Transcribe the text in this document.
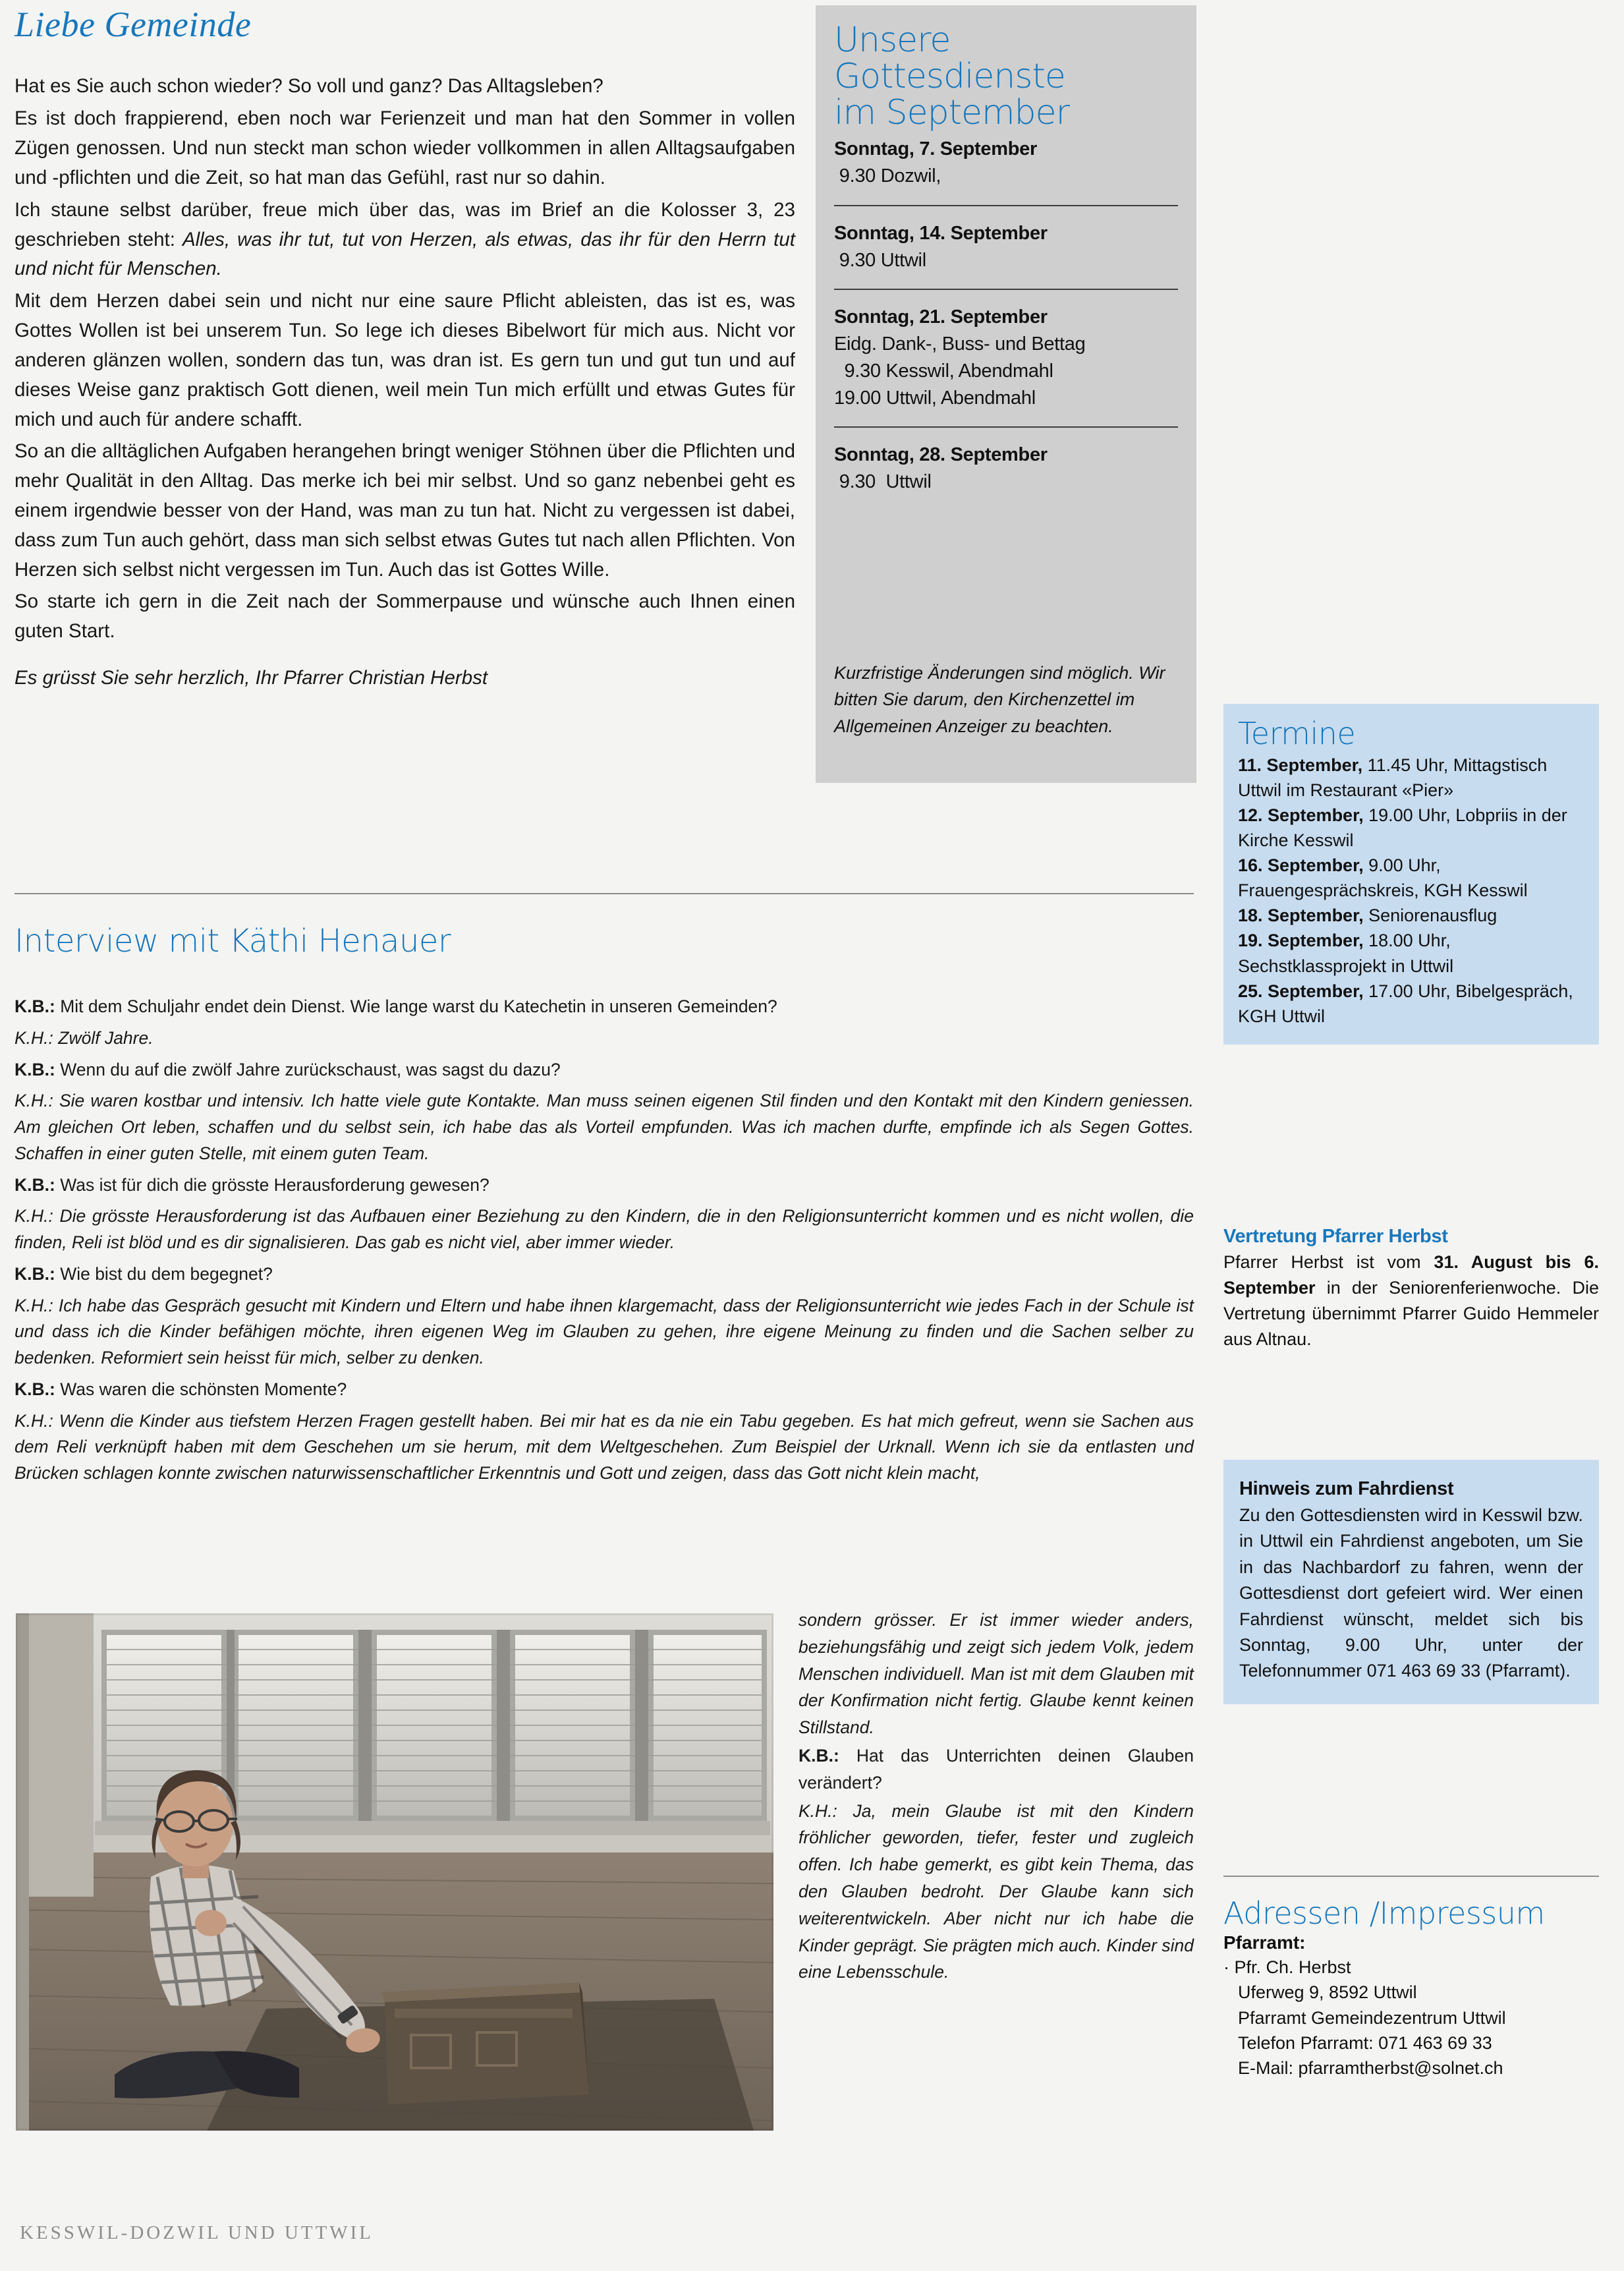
Liebe Gemeinde

Hat es Sie auch schon wieder? So voll und ganz? Das Alltagsleben?

Es ist doch frappierend, eben noch war Ferienzeit und man hat den Sommer in vollen Zügen genossen. Und nun steckt man schon wieder vollkommen in allen Alltagsaufgaben und -pflichten und die Zeit, so hat man das Gefühl, rast nur so dahin.

Ich staune selbst darüber, freue mich über das, was im Brief an die Kolosser 3, 23 geschrieben steht: Alles, was ihr tut, tut von Herzen, als etwas, das ihr für den Herrn tut und nicht für Menschen.

Mit dem Herzen dabei sein und nicht nur eine saure Pflicht ableisten, das ist es, was Gottes Wollen ist bei unserem Tun. So lege ich dieses Bibelwort für mich aus. Nicht vor anderen glänzen wollen, sondern das tun, was dran ist. Es gern tun und gut tun und auf dieses Weise ganz praktisch Gott dienen, weil mein Tun mich erfüllt und etwas Gutes für mich und auch für andere schafft.

So an die alltäglichen Aufgaben herangehen bringt weniger Stöhnen über die Pflichten und mehr Qualität in den Alltag. Das merke ich bei mir selbst. Und so ganz nebenbei geht es einem irgendwie besser von der Hand, was man zu tun hat. Nicht zu vergessen ist dabei, dass zum Tun auch gehört, dass man sich selbst etwas Gutes tut nach allen Pflichten. Von Herzen sich selbst nicht vergessen im Tun. Auch das ist Gottes Wille.

So starte ich gern in die Zeit nach der Sommerpause und wünsche auch Ihnen einen guten Start.

Es grüsst Sie sehr herzlich, Ihr Pfarrer Christian Herbst

Unsere Gottesdienste
im September
Sonntag, 7. September
9.30 Dozwil,
Sonntag, 14. September
9.30 Uttwil
Sonntag, 21. September
Eidg. Dank-, Buss- und Bettag
9.30 Kesswil, Abendmahl
19.00 Uttwil, Abendmahl
Sonntag, 28. September
9.30  Uttwil
Kurzfristige Änderungen sind möglich. Wir bitten Sie darum, den Kirchenzettel im Allgemeinen Anzeiger zu beachten.
Interview mit Käthi Henauer

K.B.: Mit dem Schuljahr endet dein Dienst. Wie lange warst du Katechetin in unseren Gemeinden?

K.H.: Zwölf Jahre.

K.B.: Wenn du auf die zwölf Jahre zurückschaust, was sagst du dazu?

K.H.: Sie waren kostbar und intensiv. Ich hatte viele gute Kontakte. Man muss seinen eigenen Stil finden und den Kontakt mit den Kindern geniessen. Am gleichen Ort leben, schaffen und du selbst sein, ich habe das als Vorteil empfunden. Was ich machen durfte, empfinde ich als Segen Gottes. Schaffen in einer guten Stelle, mit einem guten Team.

K.B.: Was ist für dich die grösste Herausforderung gewesen?

K.H.: Die grösste Herausforderung ist das Aufbauen einer Beziehung zu den Kindern, die in den Religionsunterricht kommen und es nicht wollen, die finden, Reli ist blöd und es dir signalisieren. Das gab es nicht viel, aber immer wieder.

K.B.: Wie bist du dem begegnet?

K.H.: Ich habe das Gespräch gesucht mit Kindern und Eltern und habe ihnen klargemacht, dass der Religionsunterricht wie jedes Fach in der Schule ist und dass ich die Kinder befähigen möchte, ihren eigenen Weg im Glauben zu gehen, ihre eigene Meinung zu finden und die Sachen selber zu bedenken. Reformiert sein heisst für mich, selber zu denken.

K.B.: Was waren die schönsten Momente?

K.H.: Wenn die Kinder aus tiefstem Herzen Fragen gestellt haben. Bei mir hat es da nie ein Tabu gegeben. Es hat mich gefreut, wenn sie Sachen aus dem Reli verknüpft haben mit dem Geschehen um sie herum, mit dem Weltgeschehen. Zum Beispiel der Urknall. Wenn ich sie da entlasten und Brücken schlagen konnte zwischen naturwissenschaftlicher Erkenntnis und Gott und zeigen, dass das Gott nicht klein macht,

sondern grösser. Er ist immer wieder anders, beziehungsfähig und zeigt sich jedem Volk, jedem Menschen individuell. Man ist mit dem Glauben mit der Konfirmation nicht fertig. Glaube kennt keinen Stillstand.

K.B.: Hat das Unterrichten deinen Glauben verändert?

K.H.: Ja, mein Glaube ist mit den Kindern fröhlicher geworden, tiefer, fester und zugleich offen. Ich habe gemerkt, es gibt kein Thema, das den Glauben bedroht. Der Glaube kann sich weiterentwickeln. Aber nicht nur ich habe die Kinder geprägt. Sie prägten mich auch. Kinder sind eine Lebensschule.

Termine

11. September, 11.45 Uhr, Mittagstisch Uttwil im Restaurant «Pier»

12. September, 19.00 Uhr, Lobpriis in der Kirche Kesswil

16. September, 9.00 Uhr, Frauengesprächskreis, KGH Kesswil

18. September, Seniorenausflug

19. September, 18.00 Uhr, Sechstklassprojekt in Uttwil

25. September, 17.00 Uhr, Bibelgespräch, KGH Uttwil

Vertretung Pfarrer Herbst

Pfarrer Herbst ist vom 31. August bis 6. September in der Seniorenferienwoche. Die Vertretung übernimmt Pfarrer Guido Hemmeler aus Altnau.

Hinweis zum Fahrdienst

Zu den Gottesdiensten wird in Kesswil bzw. in Uttwil ein Fahrdienst angeboten, um Sie in das Nachbardorf zu fahren, wenn der Gottesdienst dort gefeiert wird. Wer einen Fahrdienst wünscht, meldet sich bis Sonntag, 9.00 Uhr, unter der Telefonnummer 071 463 69 33 (Pfarramt).

Adressen /Impressum
Pfarramt:
· Pfr. Ch. Herbst
Uferweg 9, 8592 Uttwil
Pfarramt Gemeindezentrum Uttwil
Telefon Pfarramt: 071 463 69 33
E-Mail: pfarramtherbst@solnet.ch
KESSWIL-DOZWIL UND UTTWIL
